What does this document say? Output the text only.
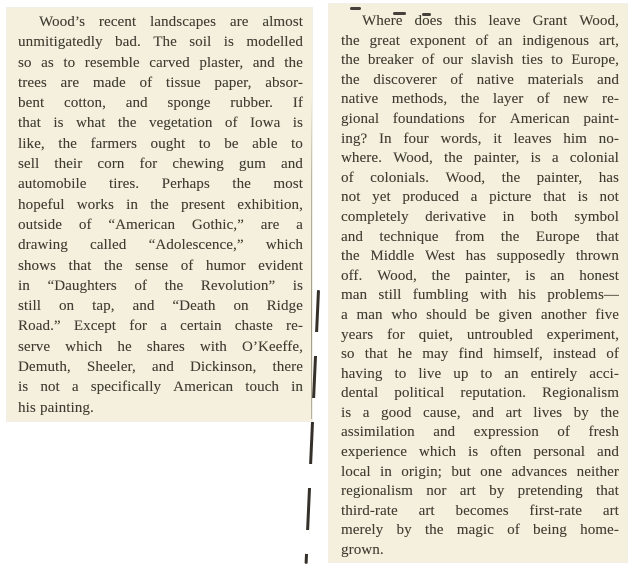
Wood’s recent landscapes are almost
unmitigatedly bad. The soil is modelled
so as to resemble carved plaster, and the
trees are made of tissue paper, absor-
bent cotton, and sponge rubber. If
that is what the vegetation of Iowa is
like, the farmers ought to be able to
sell their corn for chewing gum and
automobile tires. Perhaps the most
hopeful works in the present exhibition,
outside of “American Gothic,” are a
drawing called “Adolescence,” which
shows that the sense of humor evident
in “Daughters of the Revolution” is
still on tap, and “Death on Ridge
Road.” Except for a certain chaste re-
serve which he shares with O’Keeffe,
Demuth, Sheeler, and Dickinson, there
is not a specifically American touch in
his painting.
Where does this leave Grant Wood,
the great exponent of an indigenous art,
the breaker of our slavish ties to Europe,
the discoverer of native materials and
native methods, the layer of new re-
gional foundations for American paint-
ing? In four words, it leaves him no-
where. Wood, the painter, is a colonial
of colonials. Wood, the painter, has
not yet produced a picture that is not
completely derivative in both symbol
and technique from the Europe that
the Middle West has supposedly thrown
off. Wood, the painter, is an honest
man still fumbling with his problems—
a man who should be given another five
years for quiet, untroubled experiment,
so that he may find himself, instead of
having to live up to an entirely acci-
dental political reputation. Regionalism
is a good cause, and art lives by the
assimilation and expression of fresh
experience which is often personal and
local in origin; but one advances neither
regionalism nor art by pretending that
third-rate art becomes first-rate art
merely by the magic of being home-
grown.
